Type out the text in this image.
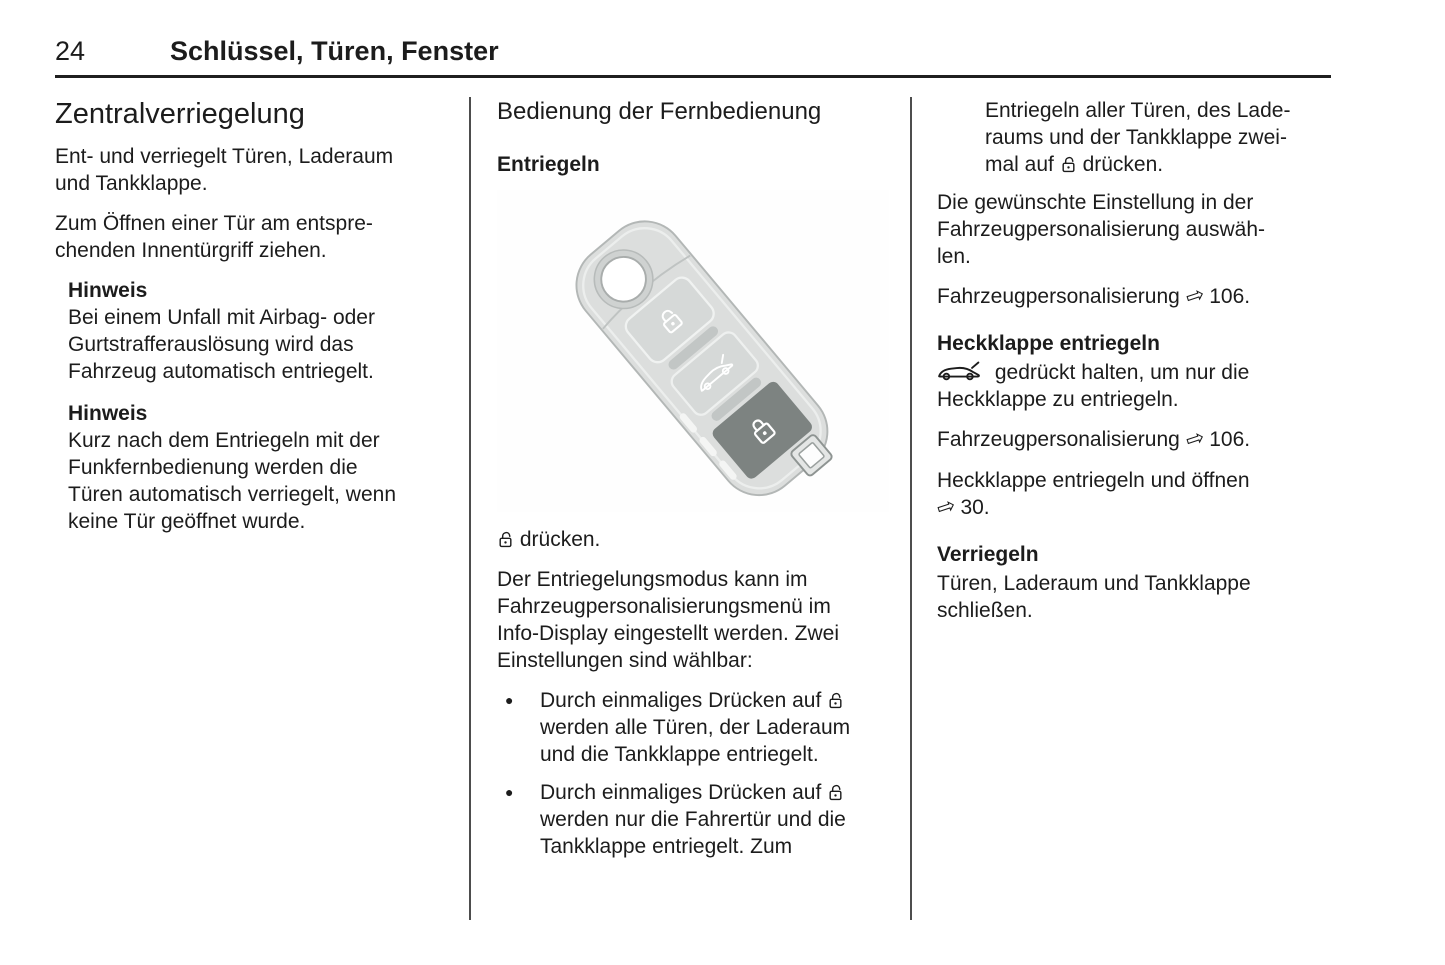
24	Schlüssel, Türen, Fenster
Zentralverriegelung

Ent- und verriegelt Türen, Laderaum
und Tankklappe.

Zum Öffnen einer Tür am entspre-
chenden Innentürgriff ziehen.

Hinweis
Bei einem Unfall mit Airbag- oder
Gurtstrafferauslösung wird das
Fahrzeug automatisch entriegelt.
Hinweis
Kurz nach dem Entriegeln mit der
Funkfernbedienung werden die
Türen automatisch verriegelt, wenn
keine Tür geöffnet wurde.
Bedienung der Fernbedienung
Entriegeln

drücken.

Der Entriegelungsmodus kann im
Fahrzeugpersonalisierungsmenü im
Info-Display eingestellt werden. Zwei
Einstellungen sind wählbar:

●	Durch einmaliges Drücken auf
werden alle Türen, der Laderaum
und die Tankklappe entriegelt.
●	Durch einmaliges Drücken auf
werden nur die Fahrertür und die
Tankklappe entriegelt. Zum
Entriegeln aller Türen, des Lade-
raums und der Tankklappe zwei-
mal auf drücken.

Die gewünschte Einstellung in der
Fahrzeugpersonalisierung auswäh-
len.

Fahrzeugpersonalisierung ⇨106.

Heckklappe entriegeln

gedrückt halten, um nur die
Heckklappe zu entriegeln.

Fahrzeugpersonalisierung ⇨106.

Heckklappe entriegeln und öffnen
⇨30.

Verriegeln

Türen, Laderaum und Tankklappe
schließen.
